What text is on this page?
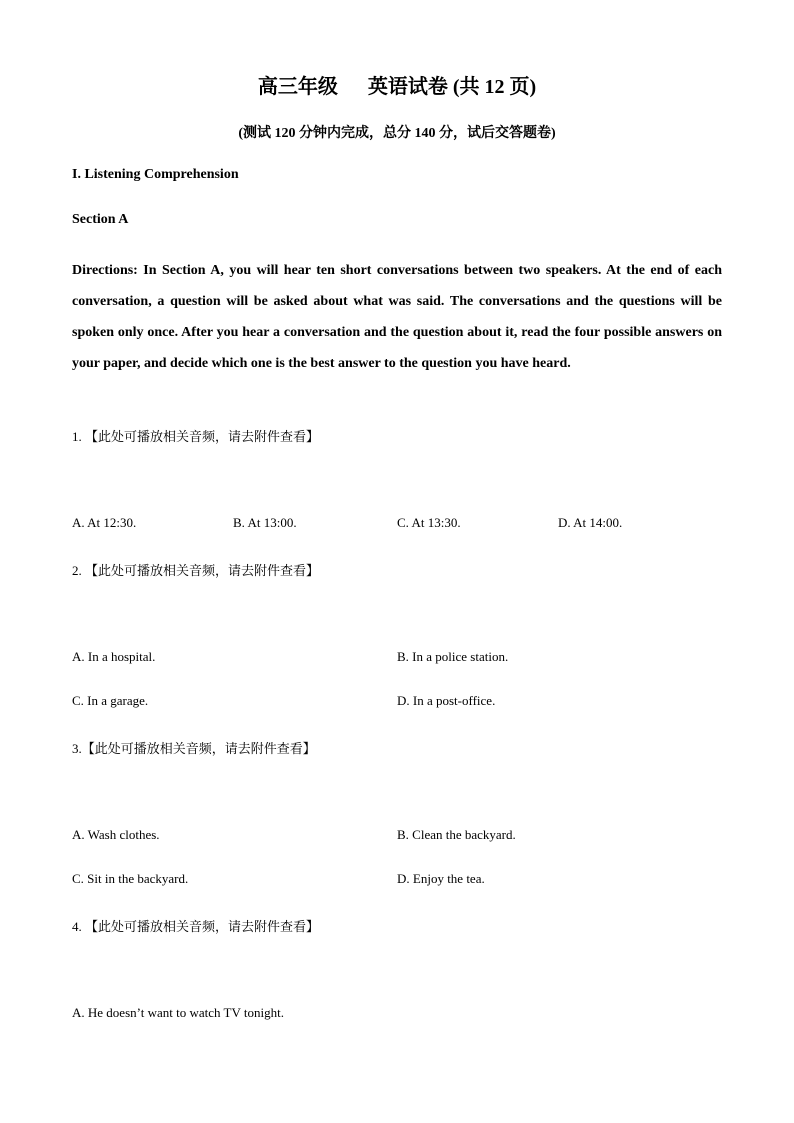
高三年级 英语试卷 (共 12 页)
(测试 120 分钟内完成，总分 140 分，试后交答题卷)
I. Listening Comprehension
Section A
Directions: In Section A, you will hear ten short conversations between two speakers. At the end of each conversation, a question will be asked about what was said. The conversations and the questions will be spoken only once. After you hear a conversation and the question about it, read the four possible answers on your paper, and decide which one is the best answer to the question you have heard.
1. 【此处可播放相关音频，请去附件查看】
A. At 12:30.	B. At 13:00.	C. At 13:30.	D. At 14:00.
2. 【此处可播放相关音频，请去附件查看】
A. In a hospital.	B. In a police station.
C. In a garage.	D. In a post-office.
3.【此处可播放相关音频，请去附件查看】
A. Wash clothes.	B. Clean the backyard.
C. Sit in the backyard.	D. Enjoy the tea.
4. 【此处可播放相关音频，请去附件查看】
A. He doesn’t want to watch TV tonight.
